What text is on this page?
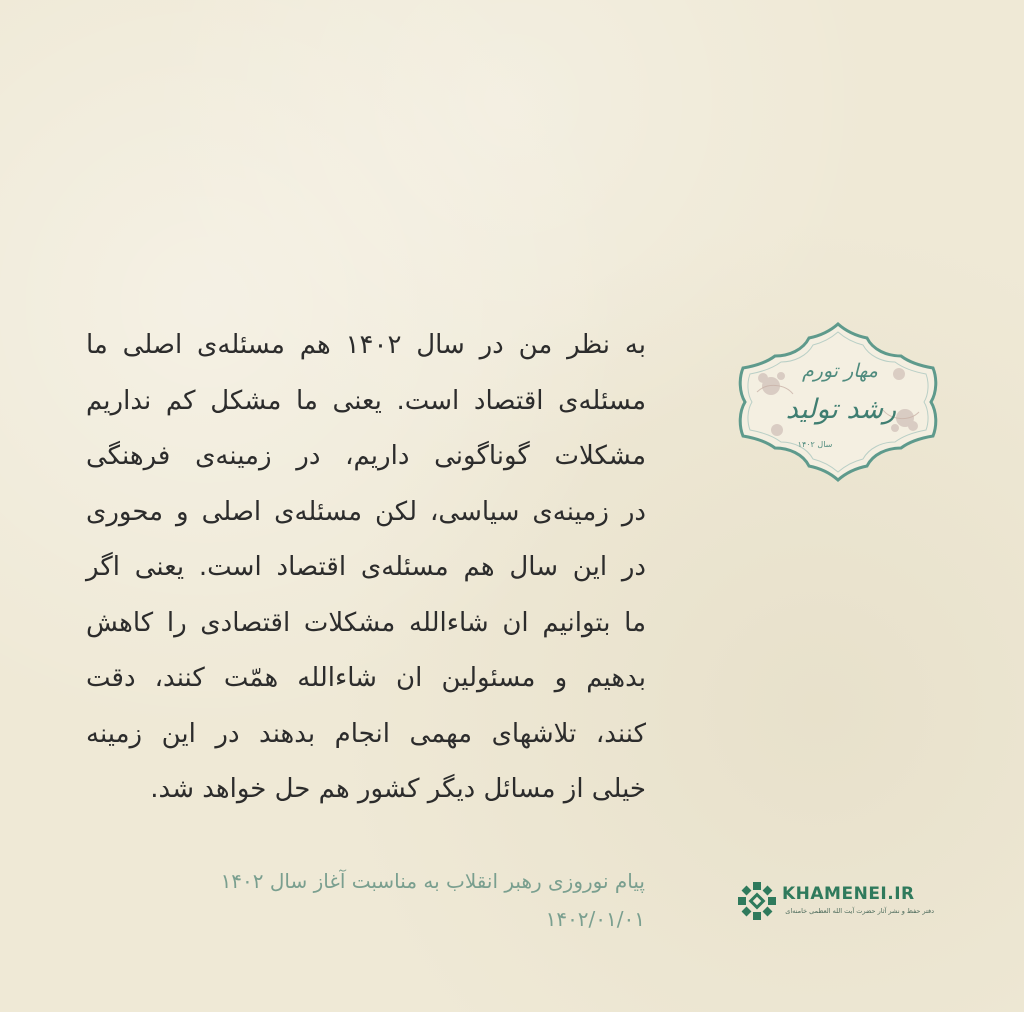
به نظر من در سال ۱۴۰۲ هم مسئله‌ی اصلی ما
مسئله‌ی اقتصاد است. یعنی ما مشکل کم نداریم
مشکلات گوناگونی داریم، در زمینه‌ی فرهنگی
در زمینه‌ی سیاسی، لکن مسئله‌ی اصلی و محوری
در این سال هم مسئله‌ی اقتصاد است. یعنی اگر
ما بتوانیم ان شاءالله مشکلات اقتصادی را کاهش
بدهیم و مسئولین ان شاءالله همّت کنند، دقت
کنند، تلاشهای مهمی انجام بدهند در این زمینه
خیلی از مسائل دیگر کشور هم حل خواهد شد.
پیام نوروزی رهبر انقلاب به مناسبت آغاز سال ۱۴۰۲
۱۴۰۲/۰۱/۰۱
مهار تورم
رشد تولید
سال ۱۴۰۲
KHAMENEI.IR
دفتر حفظ و نشر آثار حضرت آیت الله العظمی خامنه‌ای
